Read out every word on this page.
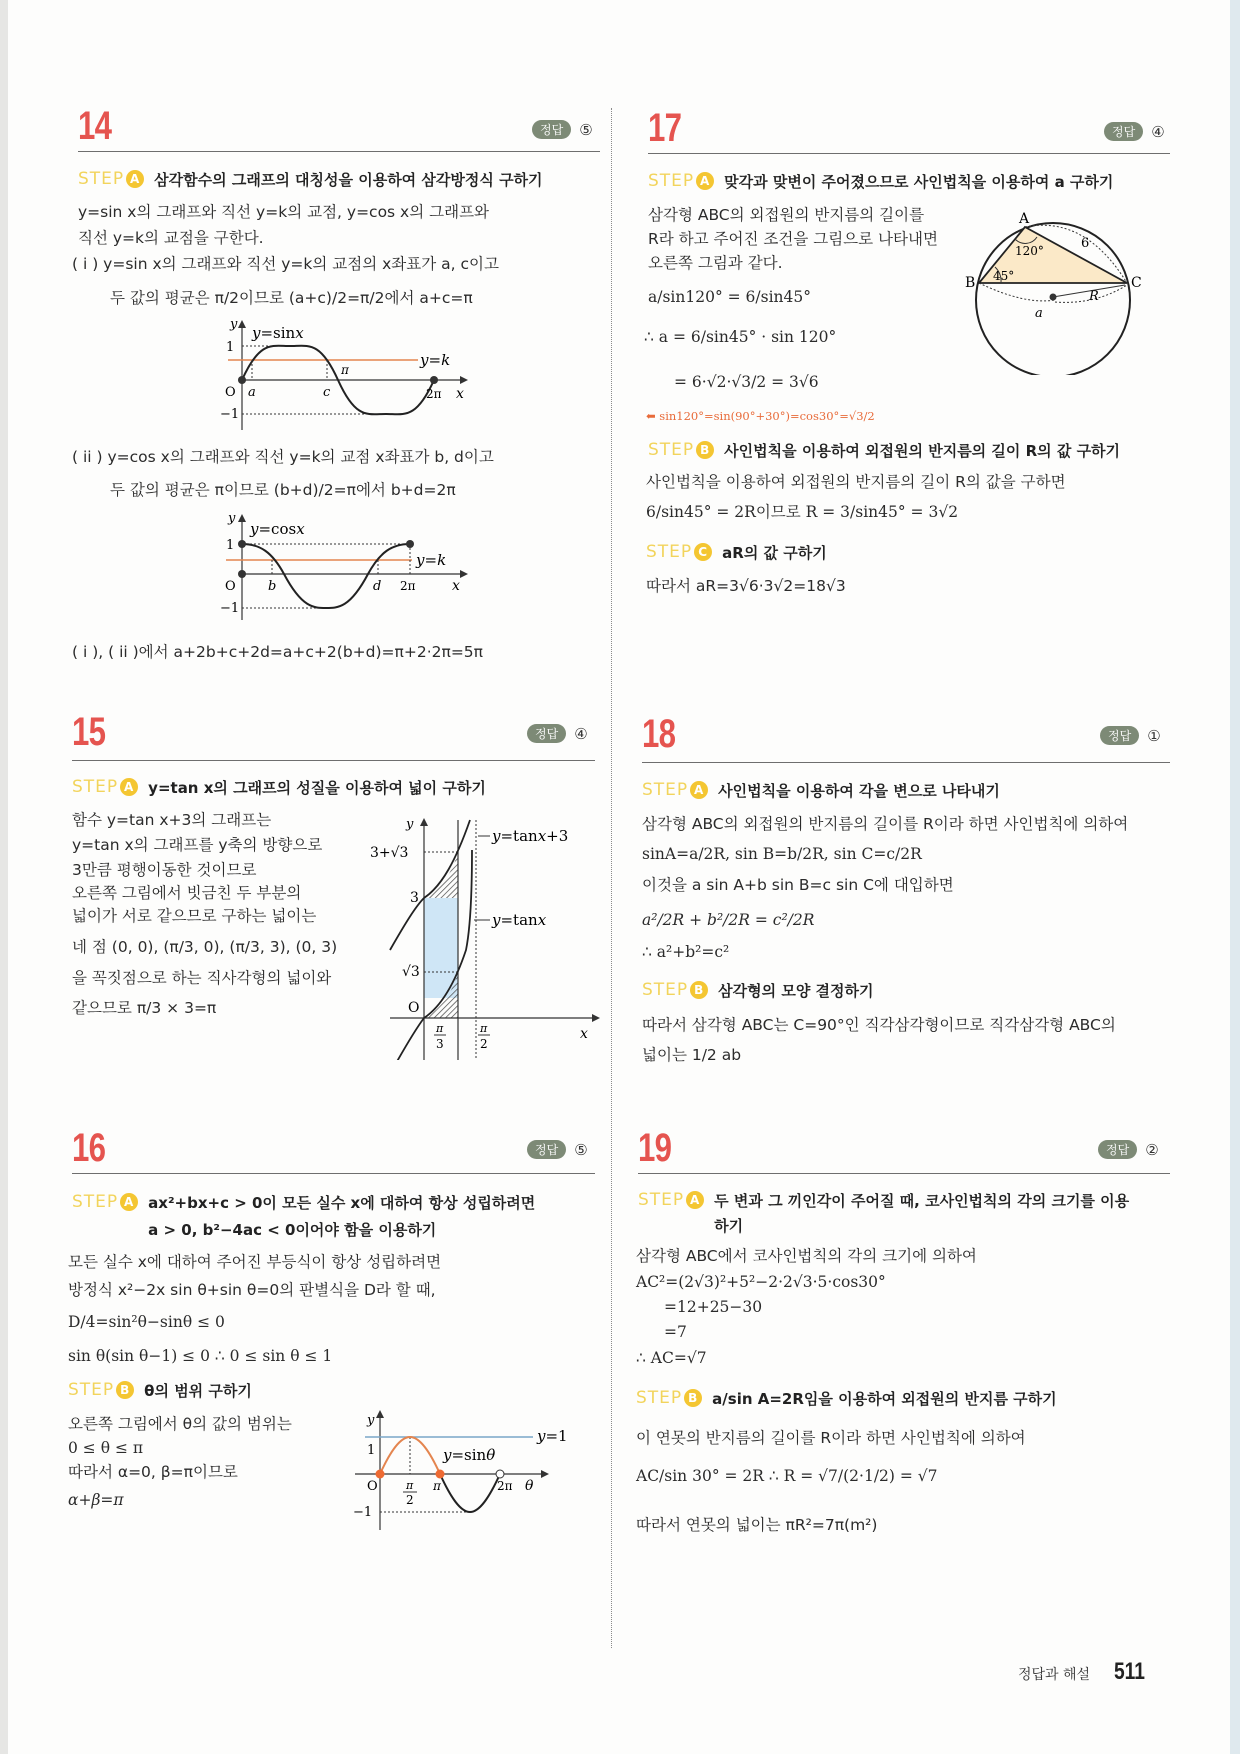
14	정답	⑤
STEP A 삼각함수의 그래프의 대칭성을 이용하여 삼각방정식 구하기
y=sin x의 그래프와 직선 y=k의 교점, y=cos x의 그래프와
직선 y=k의 교점을 구한다.
( i ) y=sin x의 그래프와 직선 y=k의 교점의 x좌표가 a, c이고
두 값의 평균은 π/2이므로 (a+c)/2=π/2에서 a+c=π
y y=sinx
1
−1
O a	c
π
2π x
y=k
( ii ) y=cos x의 그래프와 직선 y=k의 교점 x좌표가 b, d이고
두 값의 평균은 π이므로 (b+d)/2=π에서 b+d=2π
y
y=cosx
1
−1
O b	d 2π	x
y=k
( i ), ( ii )에서 a+2b+c+2d=a+c+2(b+d)=π+2·2π=5π
15	정답	④
STEP A y=tan x의 그래프의 성질을 이용하여 넓이 구하기
함수 y=tan x+3의 그래프는
y=tan x의 그래프를 y축의 방향으로
3만큼 평행이동한 것이므로
오른쪽 그림에서 빗금친 두 부분의
넓이가 서로 같으므로 구하는 넓이는
네 점 (0, 0), (π/3, 0), (π/3, 3), (0, 3)
을 꼭짓점으로 하는 직사각형의 넓이와
같으므로 π/3 × 3=π
y
3+√3
3
√3
O
π
3
π
2
x
y=tanx+3
y=tanx
16	정답	⑤
STEP A ax²+bx+c > 0이 모든 실수 x에 대하여 항상 성립하려면
a > 0, b²−4ac < 0이어야 함을 이용하기
모든 실수 x에 대하여 주어진 부등식이 항상 성립하려면
방정식 x²−2x sin θ+sin θ=0의 판별식을 D라 할 때,
D/4=sin²θ−sinθ ≤ 0
sin θ(sin θ−1) ≤ 0 ∴ 0 ≤ sin θ ≤ 1
STEP B θ의 범위 구하기
오른쪽 그림에서 θ의 값의 범위는
0 ≤ θ ≤ π
따라서 α=0, β=π이므로
α+β=π
y
1
−1
O	π
2
π	2π θ
y=sinθ
y=1
17	정답	④
STEP A 맞각과 맞변이 주어졌으므로 사인법칙을 이용하여 a 구하기
삼각형 ABC의 외접원의 반지름의 길이를
R라 하고 주어진 조건을 그림으로 나타내면
오른쪽 그림과 같다.
a/sin120° = 6/sin45°
∴ a = 6/sin45° · sin 120°
= 6·√2·√3/2 = 3√6
⬅ sin120°=sin(90°+30°)=cos30°=√3/2
A
B	C
120°
45°
6
R
a
STEP B 사인법칙을 이용하여 외접원의 반지름의 길이 R의 값 구하기
사인법칙을 이용하여 외접원의 반지름의 길이 R의 값을 구하면
6/sin45° = 2R이므로 R = 3/sin45° = 3√2
STEP C aR의 값 구하기
따라서 aR=3√6·3√2=18√3
18	정답	①
STEP A 사인법칙을 이용하여 각을 변으로 나타내기
삼각형 ABC의 외접원의 반지름의 길이를 R이라 하면 사인법칙에 의하여
sinA=a/2R, sin B=b/2R, sin C=c/2R
이것을 a sin A+b sin B=c sin C에 대입하면
a²/2R + b²/2R = c²/2R
∴ a²+b²=c²
STEP B 삼각형의 모양 결정하기
따라서 삼각형 ABC는 C=90°인 직각삼각형이므로 직각삼각형 ABC의
넓이는 1/2 ab
19	정답	②
STEP A 두 변과 그 끼인각이 주어질 때, 코사인법칙의 각의 크기를 이용
하기
삼각형 ABC에서 코사인법칙의 각의 크기에 의하여
AC²=(2√3)²+5²−2·2√3·5·cos30°
=12+25−30
=7
∴ AC=√7
STEP B a/sin A=2R임을 이용하여 외접원의 반지름 구하기
이 연못의 반지름의 길이를 R이라 하면 사인법칙에 의하여
AC/sin 30° = 2R ∴ R = √7/(2·1/2) = √7
따라서 연못의 넓이는 πR²=7π(m²)
정답과 해설 511
